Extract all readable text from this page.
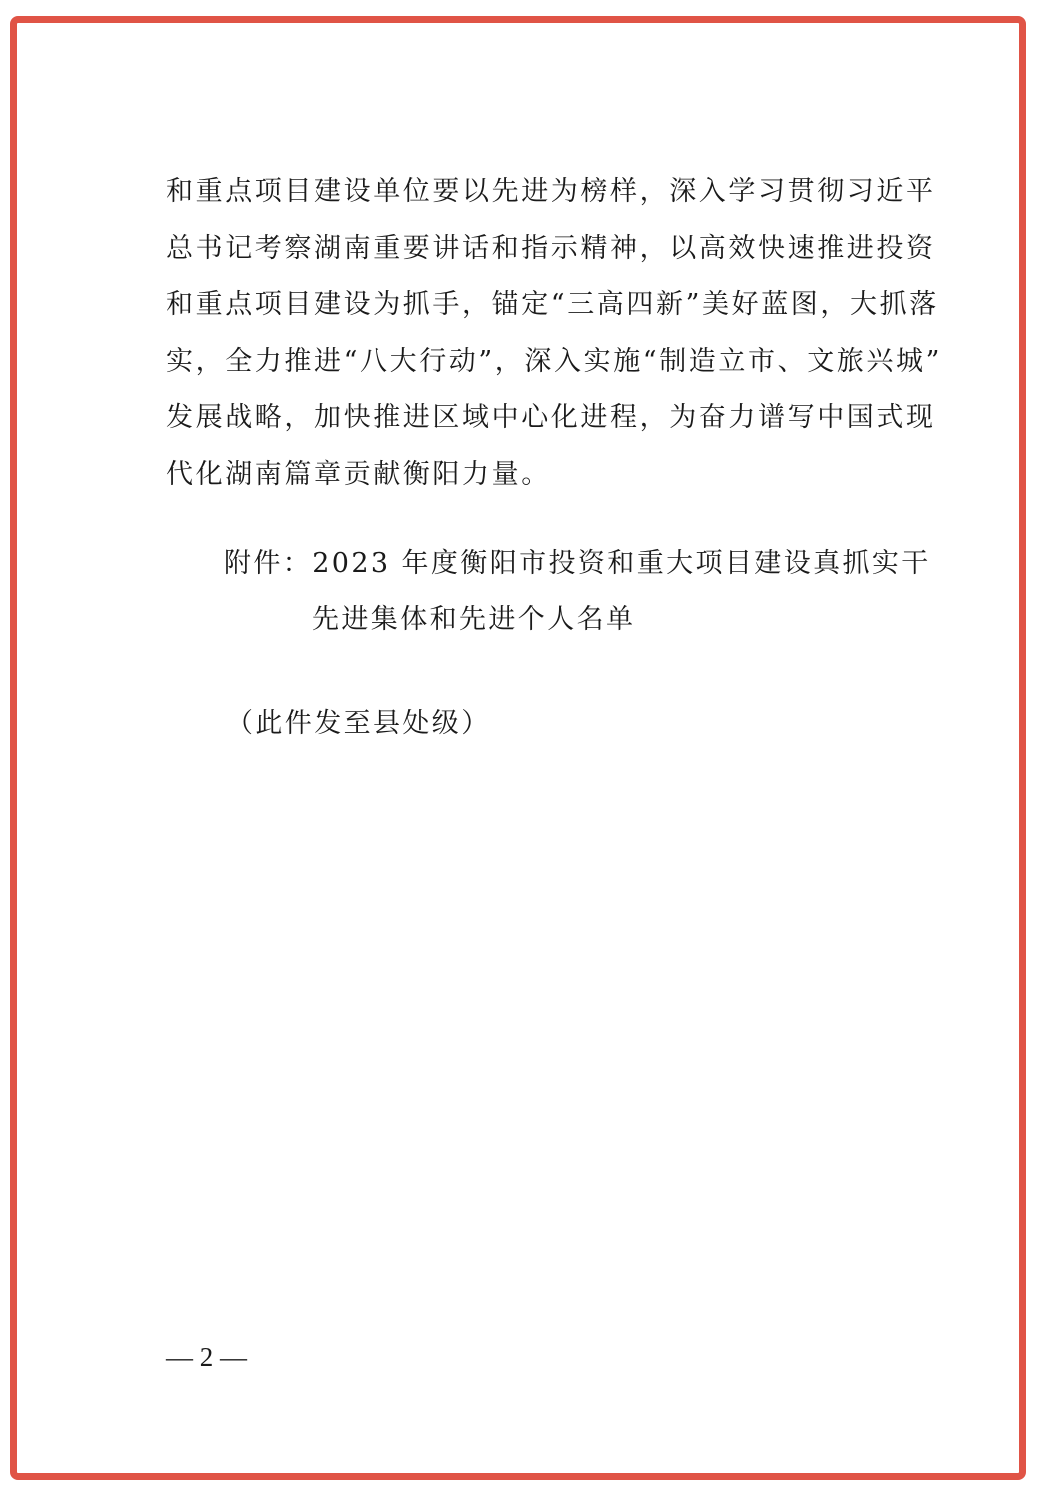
和重点项目建设单位要以先进为榜样，深入学习贯彻习近平
总书记考察湖南重要讲话和指示精神，以高效快速推进投资
和重点项目建设为抓手，锚定“三高四新”美好蓝图，大抓落
实，全力推进“八大行动”，深入实施“制造立市、文旅兴城”
发展战略，加快推进区域中心化进程，为奋力谱写中国式现
代化湖南篇章贡献衡阳力量。
附件：2023 年度衡阳市投资和重大项目建设真抓实干
先进集体和先进个人名单
（此件发至县处级）
— 2 —
